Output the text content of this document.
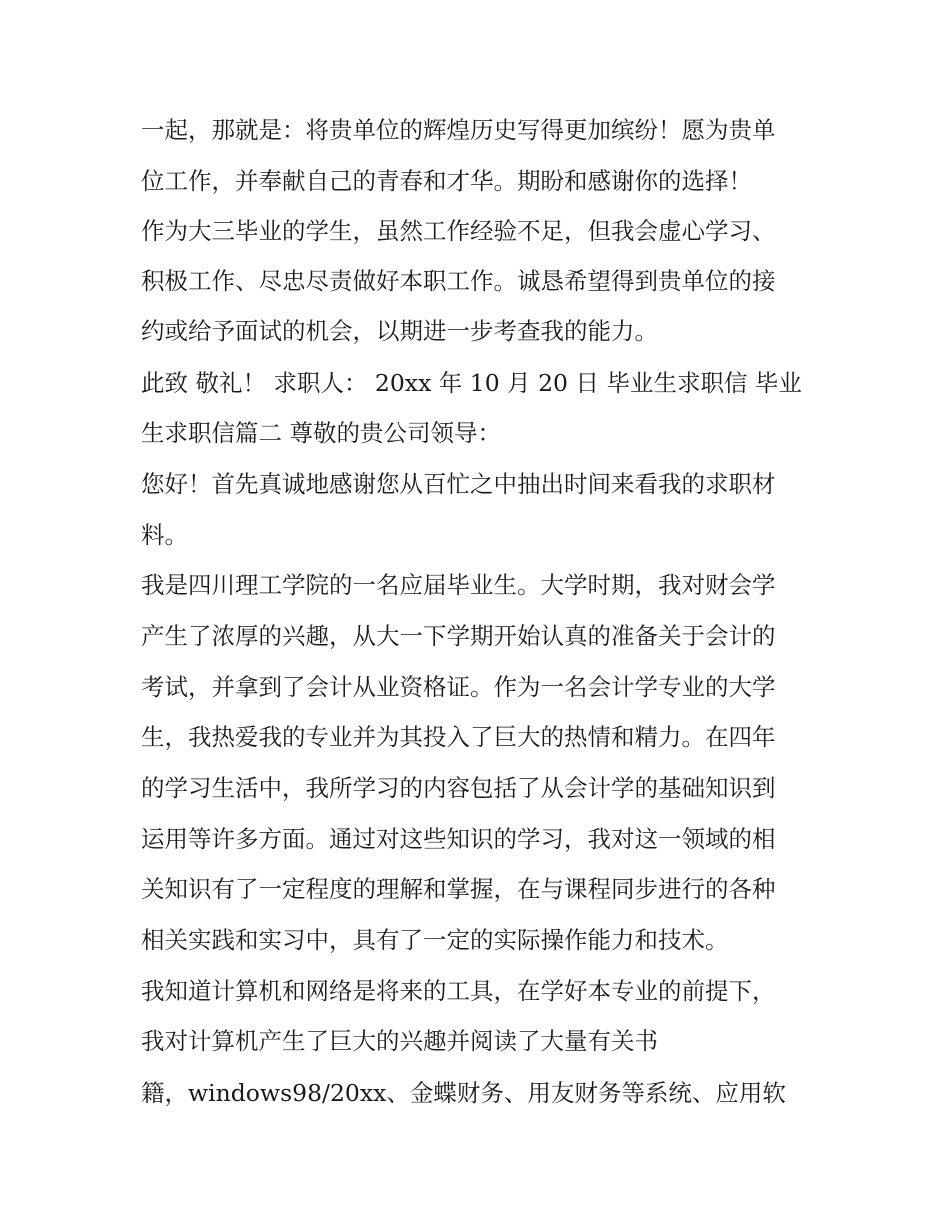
一起，那就是：将贵单位的辉煌历史写得更加缤纷！愿为贵单
位工作，并奉献自己的青春和才华。期盼和感谢你的选择！
作为大三毕业的学生，虽然工作经验不足，但我会虚心学习、
积极工作、尽忠尽责做好本职工作。诚恳希望得到贵单位的接
约或给予面试的机会，以期进一步考查我的能力。
此致 敬礼！ 求职人： 20xx 年 10 月 20 日 毕业生求职信 毕业
生求职信篇二 尊敬的贵公司领导：
您好！首先真诚地感谢您从百忙之中抽出时间来看我的求职材
料。
我是四川理工学院的一名应届毕业生。大学时期，我对财会学
产生了浓厚的兴趣，从大一下学期开始认真的准备关于会计的
考试，并拿到了会计从业资格证。作为一名会计学专业的大学
生，我热爱我的专业并为其投入了巨大的热情和精力。在四年
的学习生活中，我所学习的内容包括了从会计学的基础知识到
运用等许多方面。通过对这些知识的学习，我对这一领域的相
关知识有了一定程度的理解和掌握，在与课程同步进行的各种
相关实践和实习中，具有了一定的实际操作能力和技术。
我知道计算机和网络是将来的工具，在学好本专业的前提下，
我对计算机产生了巨大的兴趣并阅读了大量有关书
籍，windows98/20xx、金蝶财务、用友财务等系统、应用软
